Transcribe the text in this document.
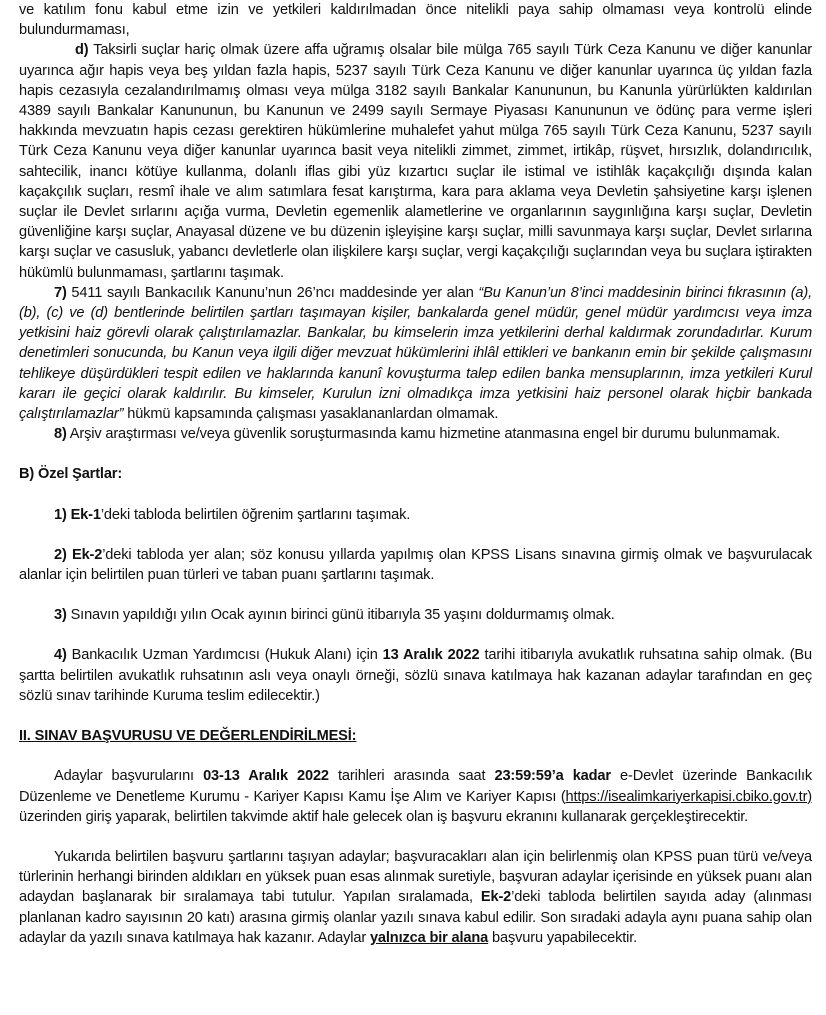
ve katılım fonu kabul etme izin ve yetkileri kaldırılmadan önce nitelikli paya sahip olmaması veya kontrolü elinde bulundurmaması,

d) Taksirli suçlar hariç olmak üzere affa uğramış olsalar bile mülga 765 sayılı Türk Ceza Kanunu ve diğer kanunlar uyarınca ağır hapis veya beş yıldan fazla hapis, 5237 sayılı Türk Ceza Kanunu ve diğer kanunlar uyarınca üç yıldan fazla hapis cezasıyla cezalandırılmamış olması veya mülga 3182 sayılı Bankalar Kanununun, bu Kanunla yürürlükten kaldırılan 4389 sayılı Bankalar Kanununun, bu Kanunun ve 2499 sayılı Sermaye Piyasası Kanununun ve ödünç para verme işleri hakkında mevzuatın hapis cezası gerektiren hükümlerine muhalefet yahut mülga 765 sayılı Türk Ceza Kanunu, 5237 sayılı Türk Ceza Kanunu veya diğer kanunlar uyarınca basit veya nitelikli zimmet, zimmet, irtikâp, rüşvet, hırsızlık, dolandırıcılık, sahtecilik, inancı kötüye kullanma, dolanlı iflas gibi yüz kızartıcı suçlar ile istimal ve istihlâk kaçakçılığı dışında kalan kaçakçılık suçları, resmî ihale ve alım satımlara fesat karıştırma, kara para aklama veya Devletin şahsiyetine karşı işlenen suçlar ile Devlet sırlarını açığa vurma, Devletin egemenlik alametlerine ve organlarının saygınlığına karşı suçlar, Devletin güvenliğine karşı suçlar, Anayasal düzene ve bu düzenin işleyişine karşı suçlar, milli savunmaya karşı suçlar, Devlet sırlarına karşı suçlar ve casusluk, yabancı devletlerle olan ilişkilere karşı suçlar, vergi kaçakçılığı suçlarından veya bu suçlara iştirakten hükümlü bulunmaması, şartlarını taşımak.

7) 5411 sayılı Bankacılık Kanunu’nun 26’ncı maddesinde yer alan “Bu Kanun’un 8’inci maddesinin birinci fıkrasının (a), (b), (c) ve (d) bentlerinde belirtilen şartları taşımayan kişiler, bankalarda genel müdür, genel müdür yardımcısı veya imza yetkisini haiz görevli olarak çalıştırılamazlar. Bankalar, bu kimselerin imza yetkilerini derhal kaldırmak zorundadırlar. Kurum denetimleri sonucunda, bu Kanun veya ilgili diğer mevzuat hükümlerini ihlâl ettikleri ve bankanın emin bir şekilde çalışmasını tehlikeye düşürdükleri tespit edilen ve haklarında kanunî kovuşturma talep edilen banka mensuplarının, imza yetkileri Kurul kararı ile geçici olarak kaldırılır. Bu kimseler, Kurulun izni olmadıkça imza yetkisini haiz personel olarak hiçbir bankada çalıştırılamazlar” hükmü kapsamında çalışması yasaklananlardan olmamak.

8) Arşiv araştırması ve/veya güvenlik soruşturmasında kamu hizmetine atanmasına engel bir durumu bulunmamak.

B) Özel Şartlar:

1) Ek-1’deki tabloda belirtilen öğrenim şartlarını taşımak.

2) Ek-2’deki tabloda yer alan; söz konusu yıllarda yapılmış olan KPSS Lisans sınavına girmiş olmak ve başvurulacak alanlar için belirtilen puan türleri ve taban puanı şartlarını taşımak.

3) Sınavın yapıldığı yılın Ocak ayının birinci günü itibarıyla 35 yaşını doldurmamış olmak.

4) Bankacılık Uzman Yardımcısı (Hukuk Alanı) için 13 Aralık 2022 tarihi itibarıyla avukatlık ruhsatına sahip olmak. (Bu şartta belirtilen avukatlık ruhsatının aslı veya onaylı örneği, sözlü sınava katılmaya hak kazanan adaylar tarafından en geç sözlü sınav tarihinde Kuruma teslim edilecektir.)

II. SINAV BAŞVURUSU VE DEĞERLENDİRİLMESİ:

Adaylar başvurularını 03-13 Aralık 2022 tarihleri arasında saat 23:59:59’a kadar e-Devlet üzerinde Bankacılık Düzenleme ve Denetleme Kurumu - Kariyer Kapısı Kamu İşe Alım ve Kariyer Kapısı (https://isealimkariyerkapisi.cbiko.gov.tr) üzerinden giriş yaparak, belirtilen takvimde aktif hale gelecek olan iş başvuru ekranını kullanarak gerçekleştirecektir.

Yukarıda belirtilen başvuru şartlarını taşıyan adaylar; başvuracakları alan için belirlenmiş olan KPSS puan türü ve/veya türlerinin herhangi birinden aldıkları en yüksek puan esas alınmak suretiyle, başvuran adaylar içerisinde en yüksek puanı alan adaydan başlanarak bir sıralamaya tabi tutulur. Yapılan sıralamada, Ek-2’deki tabloda belirtilen sayıda aday (alınması planlanan kadro sayısının 20 katı) arasına girmiş olanlar yazılı sınava kabul edilir. Son sıradaki adayla aynı puana sahip olan adaylar da yazılı sınava katılmaya hak kazanır. Adaylar yalnızca bir alana başvuru yapabilecektir.
